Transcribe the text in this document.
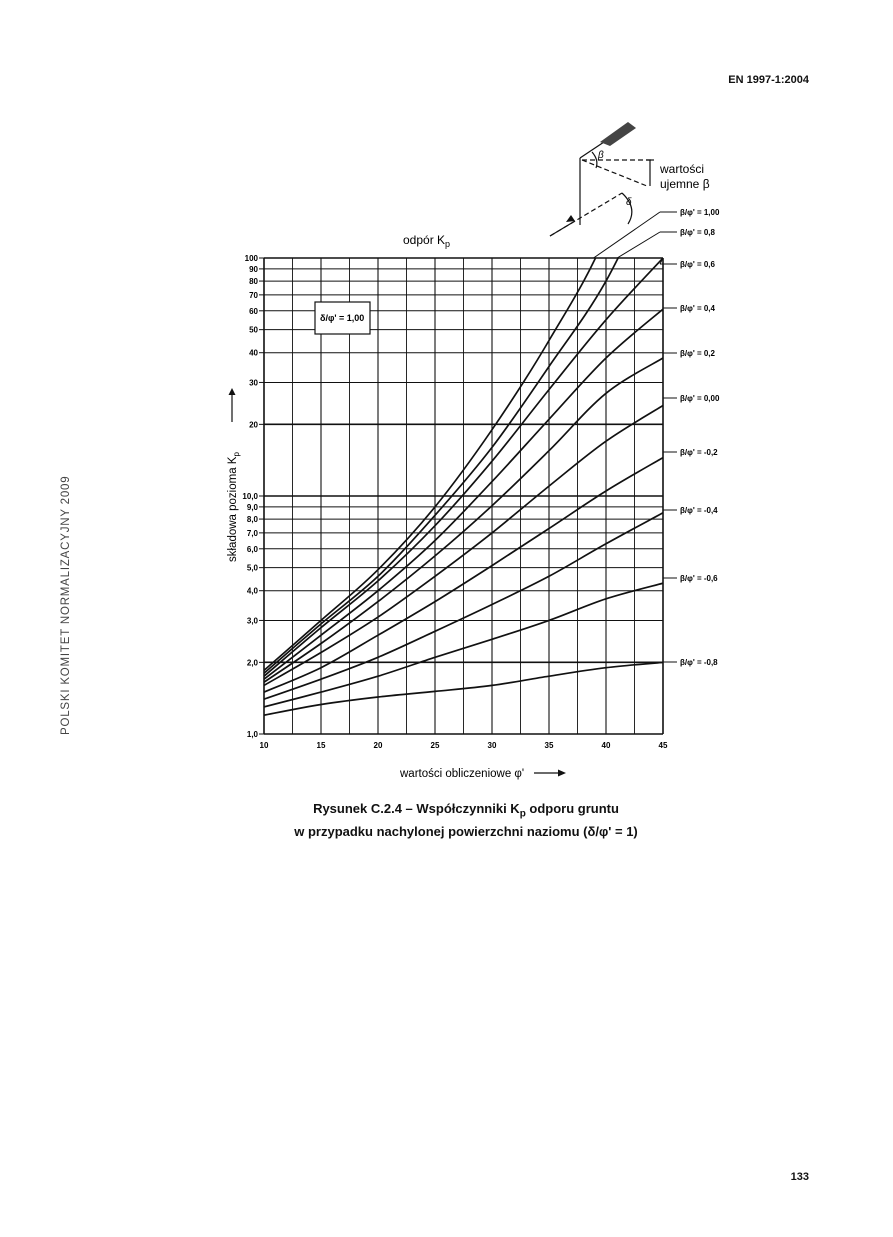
EN 1997-1:2004
POLSKI KOMITET NORMALIZACYJNY 2009
133
β
δ
wartości
ujemne β
odpór $K_p$
1,0
2,0
3,0
4,0
5,0
6,0
7,0
8,0
9,0
10,0
20
30
40
50
60
70
80
90
100
10	15	20	25	30	35	40	45
δ/φ' = 1,00
β/φ' = 1,00
β/φ' = 0,8
β/φ' = 0,6
β/φ' = 0,4
β/φ' = 0,2
β/φ' = 0,00
β/φ' = -0,2
β/φ' = -0,4
β/φ' = -0,6
β/φ' = -0,8
składowa pozioma $K_p$
wartości obliczeniowe φ'
Rysunek C.2.4 – Współczynniki $K_p$ odporu gruntu
w przypadku nachylonej powierzchni naziomu (δ/φ' = 1)
